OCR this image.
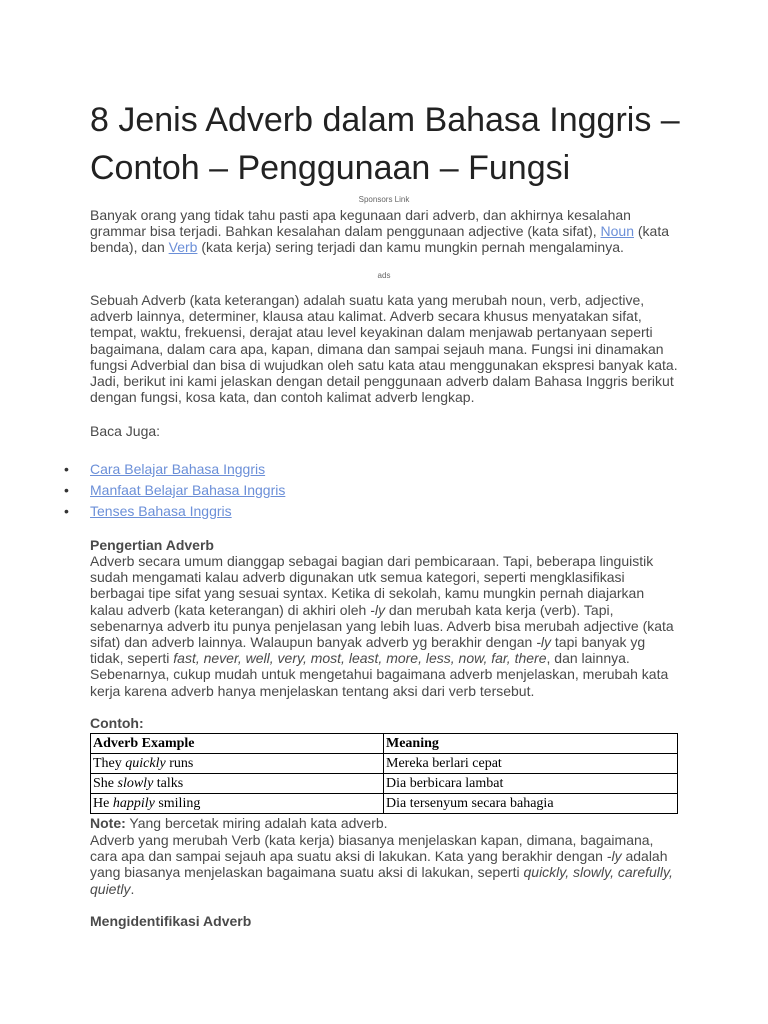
8 Jenis Adverb dalam Bahasa Inggris –
Contoh – Penggunaan – Fungsi
Sponsors Link

Banyak orang yang tidak tahu pasti apa kegunaan dari adverb, dan akhirnya kesalahan grammar bisa terjadi. Bahkan kesalahan dalam penggunaan adjective (kata sifat), Noun (kata benda), dan Verb (kata kerja) sering terjadi dan kamu mungkin pernah mengalaminya.

ads

Sebuah Adverb (kata keterangan) adalah suatu kata yang merubah noun, verb, adjective, adverb lainnya, determiner, klausa atau kalimat. Adverb secara khusus menyatakan sifat, tempat, waktu, frekuensi, derajat atau level keyakinan dalam menjawab pertanyaan seperti bagaimana, dalam cara apa, kapan, dimana dan sampai sejauh mana. Fungsi ini dinamakan fungsi Adverbial dan bisa di wujudkan oleh satu kata atau menggunakan ekspresi banyak kata. Jadi, berikut ini kami jelaskan dengan detail penggunaan adverb dalam Bahasa Inggris berikut dengan fungsi, kosa kata, dan contoh kalimat adverb lengkap.

Baca Juga:

• Cara Belajar Bahasa Inggris
• Manfaat Belajar Bahasa Inggris
• Tenses Bahasa Inggris

Pengertian Adverb

Adverb secara umum dianggap sebagai bagian dari pembicaraan. Tapi, beberapa linguistik sudah mengamati kalau adverb digunakan utk semua kategori, seperti mengklasifikasi berbagai tipe sifat yang sesuai syntax. Ketika di sekolah, kamu mungkin pernah diajarkan kalau adverb (kata keterangan) di akhiri oleh -ly dan merubah kata kerja (verb). Tapi, sebenarnya adverb itu punya penjelasan yang lebih luas. Adverb bisa merubah adjective (kata sifat) dan adverb lainnya. Walaupun banyak adverb yg berakhir dengan -ly tapi banyak yg tidak, seperti fast, never, well, very, most, least, more, less, now, far, there, dan lainnya. Sebenarnya, cukup mudah untuk mengetahui bagaimana adverb menjelaskan, merubah kata kerja karena adverb hanya menjelaskan tentang aksi dari verb tersebut.

Contoh:

Adverb Example	Meaning
They quickly runs	Mereka berlari cepat
She slowly talks	Dia berbicara lambat
He happily smiling	Dia tersenyum secara bahagia

Note: Yang bercetak miring adalah kata adverb.

Adverb yang merubah Verb (kata kerja) biasanya menjelaskan kapan, dimana, bagaimana, cara apa dan sampai sejauh apa suatu aksi di lakukan. Kata yang berakhir dengan -ly adalah yang biasanya menjelaskan bagaimana suatu aksi di lakukan, seperti quickly, slowly, carefully, quietly.

Mengidentifikasi Adverb
